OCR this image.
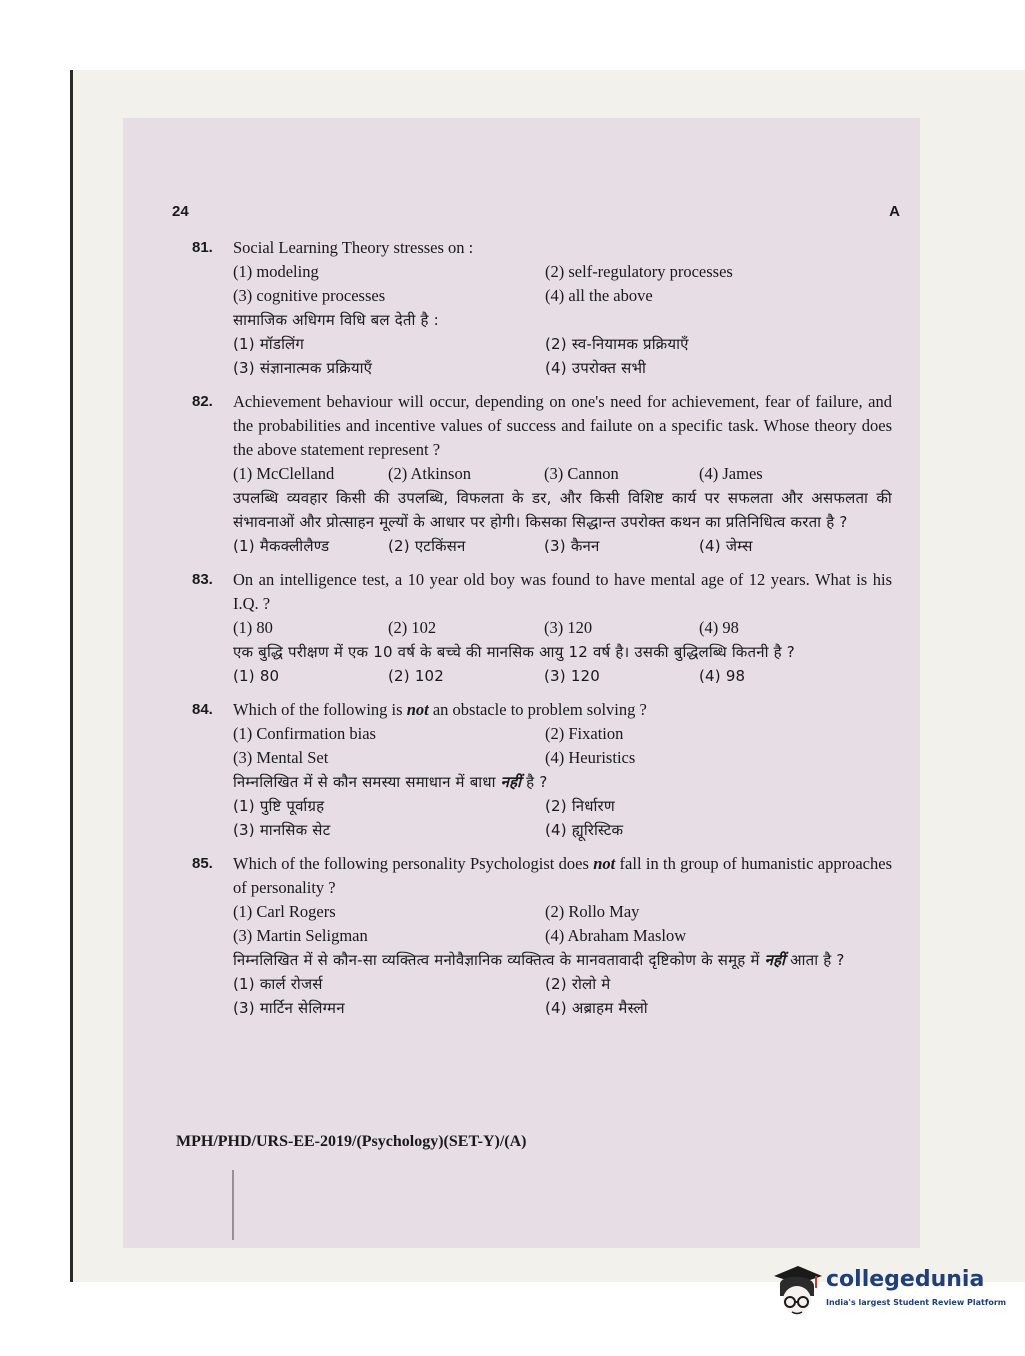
24	A
81.	Social Learning Theory stresses on :
(1) modeling	(2) self-regulatory processes
(3) cognitive processes	(4) all the above
सामाजिक अधिगम विधि बल देती है :
(1) मॉडलिंग	(2) स्व-नियामक प्रक्रियाएँ
(3) संज्ञानात्मक प्रक्रियाएँ	(4) उपरोक्त सभी
82.	Achievement behaviour will occur, depending on one's need for achievement, fear of failure, and the probabilities and incentive values of success and failute on a specific task. Whose theory does the above statement represent ?
(1) McClelland	(2) Atkinson	(3) Cannon	(4) James
उपलब्धि व्यवहार किसी की उपलब्धि, विफलता के डर, और किसी विशिष्ट कार्य पर सफलता और असफलता की संभावनाओं और प्रोत्साहन मूल्यों के आधार पर होगी। किसका सिद्धान्त उपरोक्त कथन का प्रतिनिधित्व करता है ?
(1) मैकक्लीलैण्ड	(2) एटकिंसन	(3) कैनन	(4) जेम्स
83.	On an intelligence test, a 10 year old boy was found to have mental age of 12 years. What is his I.Q. ?
(1) 80	(2) 102	(3) 120	(4) 98
एक बुद्धि परीक्षण में एक 10 वर्ष के बच्चे की मानसिक आयु 12 वर्ष है। उसकी बुद्धिलब्धि कितनी है ?
(1) 80	(2) 102	(3) 120	(4) 98
84.	Which of the following is not an obstacle to problem solving ?
(1) Confirmation bias	(2) Fixation
(3) Mental Set	(4) Heuristics
निम्नलिखित में से कौन समस्या समाधान में बाधा नहीं है ?
(1) पुष्टि पूर्वाग्रह	(2) निर्धारण
(3) मानसिक सेट	(4) ह्यूरिस्टिक
85.	Which of the following personality Psychologist does not fall in th group of humanistic approaches of personality ?
(1) Carl Rogers	(2) Rollo May
(3) Martin Seligman	(4) Abraham Maslow
निम्नलिखित में से कौन-सा व्यक्तित्व मनोवैज्ञानिक व्यक्तित्व के मानवतावादी दृष्टिकोण के समूह में नहीं आता है ?
(1) कार्ल रोजर्स	(2) रोलो मे
(3) मार्टिन सेलिग्मन	(4) अब्राहम मैस्लो
MPH/PHD/URS-EE-2019/(Psychology)(SET-Y)/(A)
collegedunia
India's largest Student Review Platform
